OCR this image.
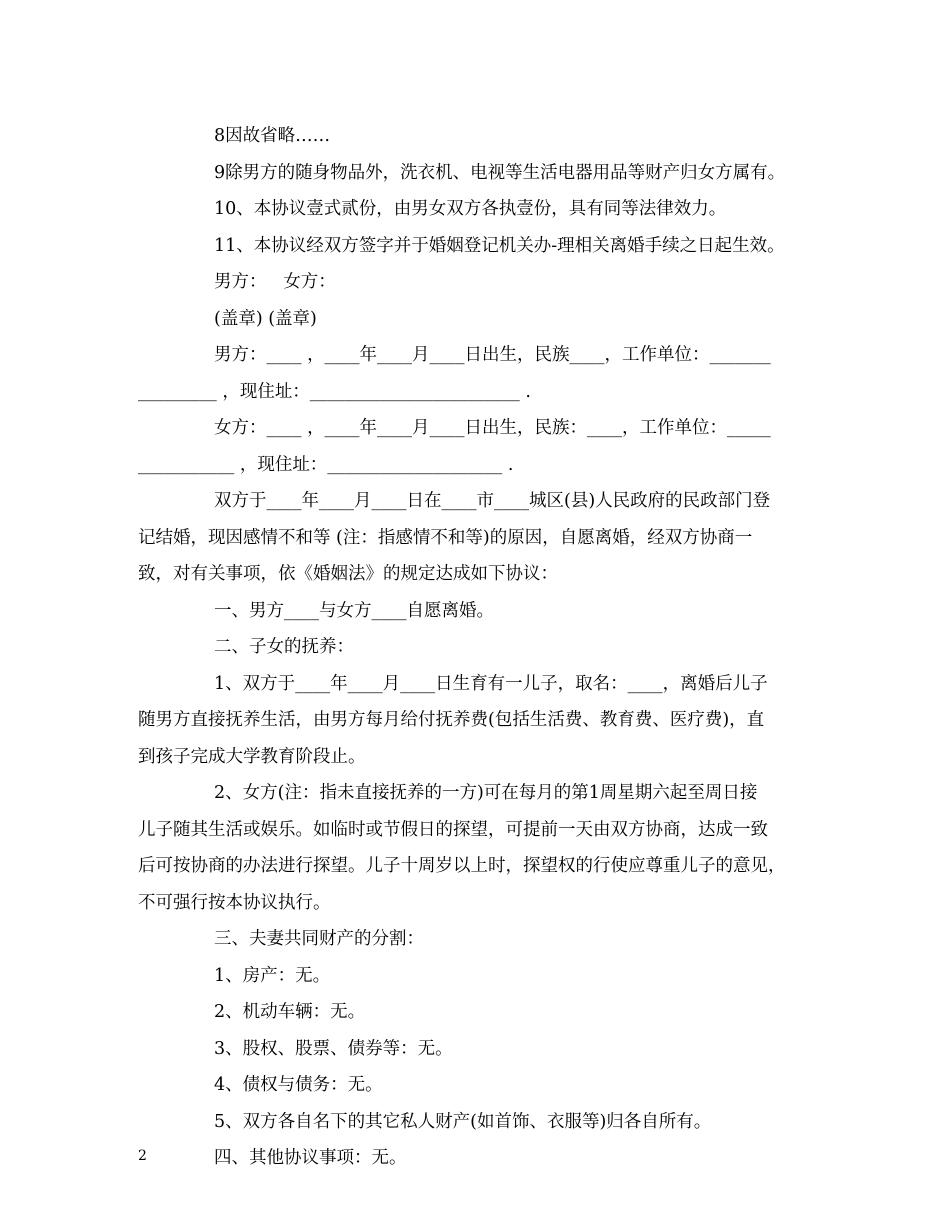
8因故省略……
9除男方的随身物品外，洗衣机、电视等生活电器用品等财产归女方属有。
10、本协议壹式贰份，由男女双方各执壹份，具有同等法律效力。
11、本协议经双方签字并于婚姻登记机关办-理相关离婚手续之日起生效。
男方：   女方：
(盖章) (盖章)
男方：____ ，____年____月____日出生，民族____，工作单位：_______
_________ ，现住址：________________________ .
女方：____ ，____年____月____日出生，民族：____，工作单位：_____
___________ ，现住址：____________________ .
双方于____年____月____日在____市____城区(县)人民政府的民政部门登
记结婚，现因感情不和等 (注：指感情不和等)的原因，自愿离婚，经双方协商一
致，对有关事项，依《婚姻法》的规定达成如下协议：
一、男方____与女方____自愿离婚。
二、子女的抚养：
1、双方于____年____月____日生育有一儿子，取名：____，离婚后儿子
随男方直接抚养生活，由男方每月给付抚养费(包括生活费、教育费、医疗费)，直
到孩子完成大学教育阶段止。
2、女方(注：指未直接抚养的一方)可在每月的第1周星期六起至周日接
儿子随其生活或娱乐。如临时或节假日的探望，可提前一天由双方协商，达成一致
后可按协商的办法进行探望。儿子十周岁以上时，探望权的行使应尊重儿子的意见，
不可强行按本协议执行。
三、夫妻共同财产的分割：
1、房产：无。
2、机动车辆：无。
3、股权、股票、债券等：无。
4、债权与债务：无。
5、双方各自名下的其它私人财产(如首饰、衣服等)归各自所有。
四、其他协议事项：无。
2
